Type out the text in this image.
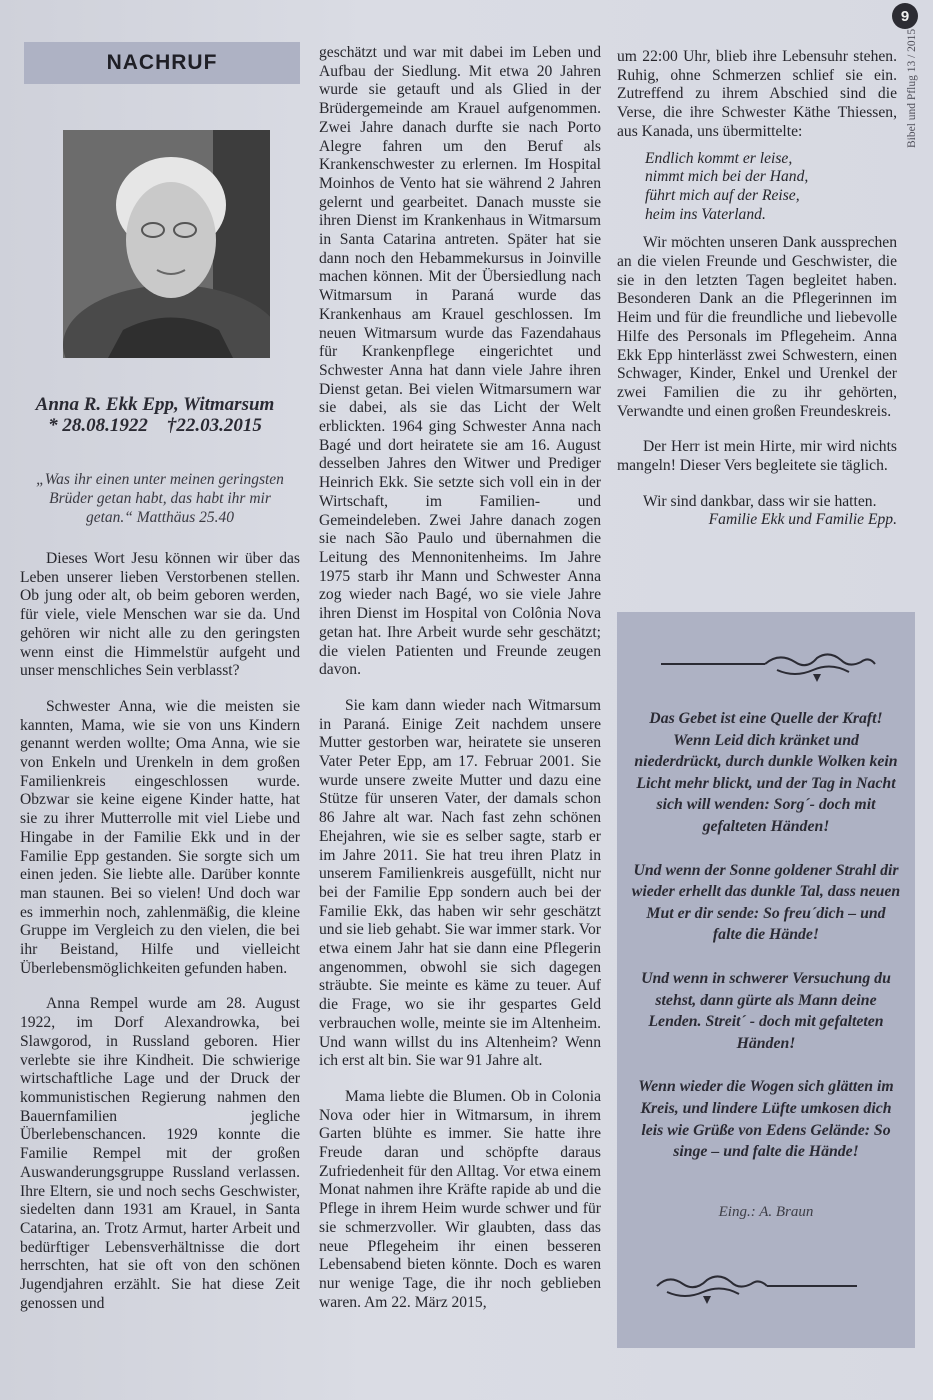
9
Bibel und Pflug 13 / 2015
NACHRUF
Anna R. Ekk Epp, Witmarsum
* 28.08.1922    †22.03.2015
„Was ihr einen unter meinen geringsten Brüder getan habt, das habt ihr mir getan.“ Matthäus 25.40

Dieses Wort Jesu können wir über das Leben unserer lieben Verstorbenen stellen. Ob jung oder alt, ob beim geboren werden, für viele, viele Menschen war sie da. Und gehören wir nicht alle zu den geringsten wenn einst die Himmelstür aufgeht und unser menschliches Sein verblasst?

Schwester Anna, wie die meisten sie kannten, Mama, wie sie von uns Kindern genannt werden wollte; Oma Anna, wie sie von Enkeln und Urenkeln in dem großen Familienkreis eingeschlossen wurde. Obzwar sie keine eigene Kinder hatte, hat sie zu ihrer Mutterrolle mit viel Liebe und Hingabe in der Familie Ekk und in der Familie Epp gestanden. Sie sorgte sich um einen jeden. Sie liebte alle. Darüber konnte man staunen. Bei so vielen! Und doch war es immerhin noch, zahlenmäßig, die kleine Gruppe im Vergleich zu den vielen, die bei ihr Beistand, Hilfe und vielleicht Überlebensmöglichkeiten gefunden haben.

Anna Rempel wurde am 28. August 1922, im Dorf Alexandrowka, bei Slawgorod, in Russland geboren. Hier verlebte sie ihre Kindheit. Die schwierige wirtschaftliche Lage und der Druck der kommunistischen Regierung nahmen den Bauernfamilien jegliche Überlebenschancen. 1929 konnte die Familie Rempel mit der großen Auswanderungsgruppe Russland verlassen. Ihre Eltern, sie und noch sechs Geschwister, siedelten dann 1931 am Krauel, in Santa Catarina, an. Trotz Armut, harter Arbeit und bedürftiger Lebensverhältnisse die dort herrschten, hat sie oft von den schönen Jugendjahren erzählt. Sie hat diese Zeit genossen und

geschätzt und war mit dabei im Leben und Aufbau der Siedlung. Mit etwa 20 Jahren wurde sie getauft und als Glied in der Brüdergemeinde am Krauel aufgenommen. Zwei Jahre danach durfte sie nach Porto Alegre fahren um den Beruf als Krankenschwester zu erlernen. Im Hospital Moinhos de Vento hat sie während 2 Jahren gelernt und gearbeitet. Danach musste sie ihren Dienst im Krankenhaus in Witmarsum in Santa Catarina antreten. Später hat sie dann noch den Hebammekursus in Joinville machen können. Mit der Übersiedlung nach Witmarsum in Paraná wurde das Krankenhaus am Krauel geschlossen. Im neuen Witmarsum wurde das Fazendahaus für Krankenpflege eingerichtet und Schwester Anna hat dann viele Jahre ihren Dienst getan. Bei vielen Witmarsumern war sie dabei, als sie das Licht der Welt erblickten. 1964 ging Schwester Anna nach Bagé und dort heiratete sie am 16. August desselben Jahres den Witwer und Prediger Heinrich Ekk. Sie setzte sich voll ein in der Wirtschaft, im Familien- und Gemeindeleben. Zwei Jahre danach zogen sie nach São Paulo und übernahmen die Leitung des Mennonitenheims. Im Jahre 1975 starb ihr Mann und Schwester Anna zog wieder nach Bagé, wo sie viele Jahre ihren Dienst im Hospital von Colônia Nova getan hat. Ihre Arbeit wurde sehr geschätzt; die vielen Patienten und Freunde zeugen davon.

Sie kam dann wieder nach Witmarsum in Paraná. Einige Zeit nachdem unsere Mutter gestorben war, heiratete sie unseren Vater Peter Epp, am 17. Februar 2001. Sie wurde unsere zweite Mutter und dazu eine Stütze für unseren Vater, der damals schon 86 Jahre alt war. Nach fast zehn schönen Ehejahren, wie sie es selber sagte, starb er im Jahre 2011. Sie hat treu ihren Platz in unserem Familienkreis ausgefüllt, nicht nur bei der Familie Epp sondern auch bei der Familie Ekk, das haben wir sehr geschätzt und sie lieb gehabt. Sie war immer stark. Vor etwa einem Jahr hat sie dann eine Pflegerin angenommen, obwohl sie sich dagegen sträubte. Sie meinte es käme zu teuer. Auf die Frage, wo sie ihr gespartes Geld verbrauchen wolle, meinte sie im Altenheim. Und wann willst du ins Altenheim? Wenn ich erst alt bin. Sie war 91 Jahre alt.

Mama liebte die Blumen. Ob in Colonia Nova oder hier in Witmarsum, in ihrem Garten blühte es immer. Sie hatte ihre Freude daran und schöpfte daraus Zufriedenheit für den Alltag. Vor etwa einem Monat nahmen ihre Kräfte rapide ab und die Pflege in ihrem Heim wurde schwer und für sie schmerzvoller. Wir glaubten, dass das neue Pflegeheim ihr einen besseren Lebensabend bieten könnte. Doch es waren nur wenige Tage, die ihr noch geblieben waren. Am 22. März 2015,

um 22:00 Uhr, blieb ihre Lebensuhr stehen. Ruhig, ohne Schmerzen schlief sie ein. Zutreffend zu ihrem Abschied sind die Verse, die ihre Schwester Käthe Thiessen, aus Kanada, uns übermittelte:

Endlich kommt er leise,
nimmt mich bei der Hand,
führt mich auf der Reise,
heim ins Vaterland.

Wir möchten unseren Dank aussprechen an die vielen Freunde und Geschwister, die sie in den letzten Tagen begleitet haben. Besonderen Dank an die Pflegerinnen im Heim und für die freundliche und liebevolle Hilfe des Personals im Pflegeheim. Anna Ekk Epp hinterlässt zwei Schwestern, einen Schwager, Kinder, Enkel und Urenkel der zwei Familien die zu ihr gehörten, Verwandte und einen großen Freundeskreis.

Der Herr ist mein Hirte, mir wird nichts mangeln! Dieser Vers begleitete sie täglich.

Wir sind dankbar, dass wir sie hatten.

Familie Ekk und Familie Epp.

Das Gebet ist eine Quelle der Kraft! Wenn Leid dich kränket und niederdrückt, durch dunkle Wolken kein Licht mehr blickt, und der Tag in Nacht sich will wenden: Sorg´- doch mit gefalteten Händen!

Und wenn der Sonne goldener Strahl dir wieder erhellt das dunkle Tal, dass neuen Mut er dir sende: So freu´dich – und falte die Hände!

Und wenn in schwerer Versuchung du stehst, dann gürte als Mann deine Lenden. Streit´ - doch mit gefalteten Händen!

Wenn wieder die Wogen sich glätten im Kreis, und lindere Lüfte umkosen dich leis wie Grüße von Edens Gelände: So singe – und falte die Hände!

Eing.: A. Braun
